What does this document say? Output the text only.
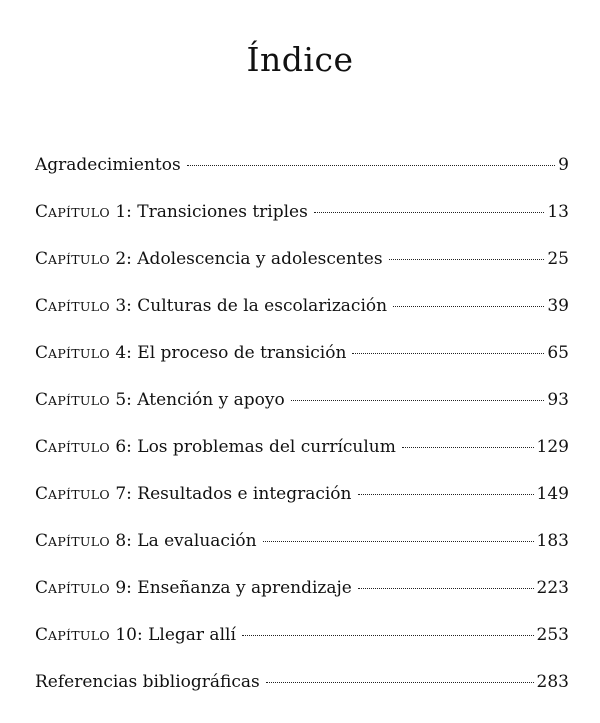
Índice
Agradecimientos	9
CAPÍTULO 1: Transiciones triples	13
CAPÍTULO 2: Adolescencia y adolescentes	25
CAPÍTULO 3: Culturas de la escolarización	39
CAPÍTULO 4: El proceso de transición	65
CAPÍTULO 5: Atención y apoyo	93
CAPÍTULO 6: Los problemas del currículum	129
CAPÍTULO 7: Resultados e integración	149
CAPÍTULO 8: La evaluación	183
CAPÍTULO 9: Enseñanza y aprendizaje	223
CAPÍTULO 10: Llegar allí	253
Referencias bibliográficas	283
